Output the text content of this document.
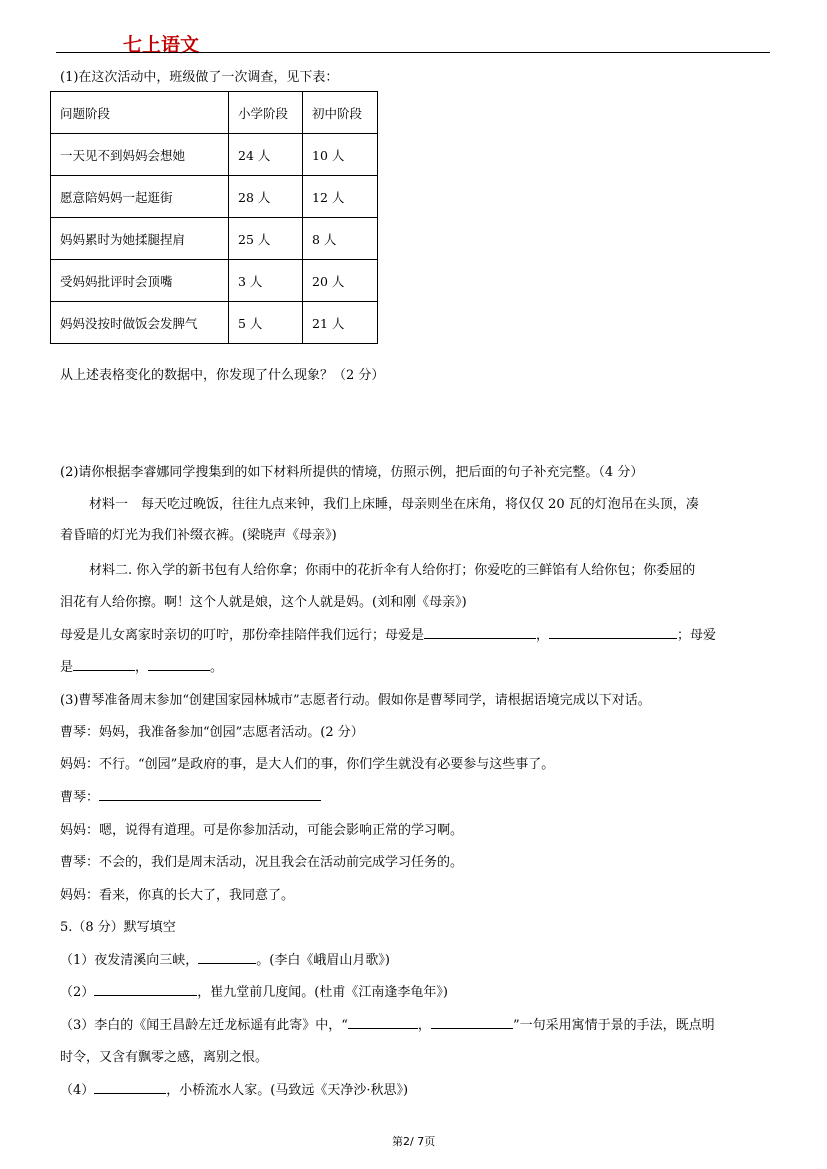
七上语文
(1)在这次活动中，班级做了一次调查，见下表：
问题阶段	小学阶段	初中阶段
一天见不到妈妈会想她	24 人	10 人
愿意陪妈妈一起逛街	28 人	12 人
妈妈累时为她揉腿捏肩	25 人	8 人
受妈妈批评时会顶嘴	3 人	20 人
妈妈没按时做饭会发脾气	5 人	21 人
从上述表格变化的数据中，你发现了什么现象？（2 分）
(2)请你根据李睿娜同学搜集到的如下材料所提供的情境，仿照示例，把后面的句子补充完整。（4 分）
材料一　每天吃过晚饭，往往九点来钟，我们上床睡，母亲则坐在床角，将仅仅 20 瓦的灯泡吊在头顶，凑
着昏暗的灯光为我们补缀衣裤。(梁晓声《母亲》)
材料二. 你入学的新书包有人给你拿；你雨中的花折伞有人给你打；你爱吃的三鲜馅有人给你包；你委屈的
泪花有人给你擦。啊！这个人就是娘，这个人就是妈。(刘和刚《母亲》)
母爱是儿女离家时亲切的叮咛，那份牵挂陪伴我们远行；母爱是	，	；母爱
是	，	。
(3)曹琴准备周末参加“创建国家园林城市”志愿者行动。假如你是曹琴同学，请根据语境完成以下对话。
曹琴：妈妈，我准备参加“创园”志愿者活动。(2 分）
妈妈：不行。“创园”是政府的事，是大人们的事，你们学生就没有必要参与这些事了。
曹琴：
妈妈：嗯，说得有道理。可是你参加活动，可能会影响正常的学习啊。
曹琴：不会的，我们是周末活动，况且我会在活动前完成学习任务的。
妈妈：看来，你真的长大了，我同意了。
5.（8 分）默写填空
（1）夜发清溪向三峡，	。(李白《峨眉山月歌》)
（2）	，崔九堂前几度闻。(杜甫《江南逢李龟年》)
（3）李白的《闻王昌龄左迁龙标遥有此寄》中，“	，	”一句采用寓情于景的手法，既点明
时令，又含有飘零之感，离别之恨。
（4）	，小桥流水人家。(马致远《天净沙·秋思》)
第2/ 7页
